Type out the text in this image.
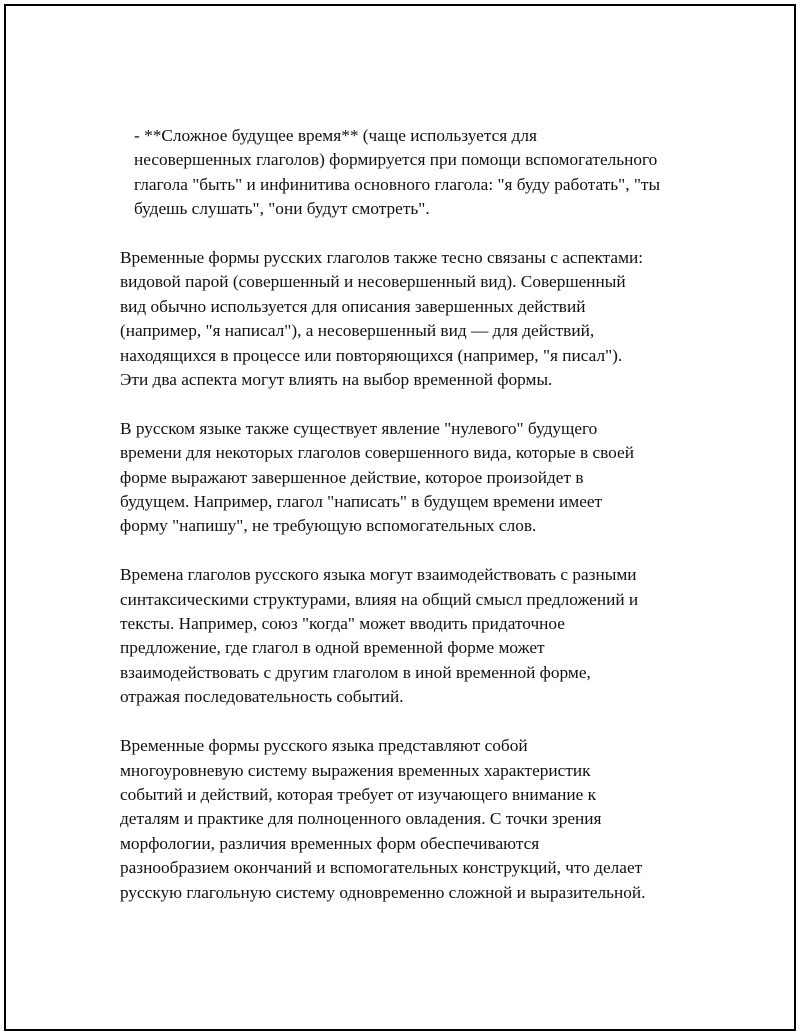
- **Сложное будущее время** (чаще используется для
несовершенных глаголов) формируется при помощи вспомогательного
глагола "быть" и инфинитива основного глагола: "я буду работать", "ты
будешь слушать", "они будут смотреть".

Временные формы русских глаголов также тесно связаны с аспектами:
видовой парой (совершенный и несовершенный вид). Совершенный
вид обычно используется для описания завершенных действий
(например, "я написал"), а несовершенный вид — для действий,
находящихся в процессе или повторяющихся (например, "я писал").
Эти два аспекта могут влиять на выбор временной формы.

В русском языке также существует явление "нулевого" будущего
времени для некоторых глаголов совершенного вида, которые в своей
форме выражают завершенное действие, которое произойдет в
будущем. Например, глагол "написать" в будущем времени имеет
форму "напишу", не требующую вспомогательных слов.

Времена глаголов русского языка могут взаимодействовать с разными
синтаксическими структурами, влияя на общий смысл предложений и
тексты. Например, союз "когда" может вводить придаточное
предложение, где глагол в одной временной форме может
взаимодействовать с другим глаголом в иной временной форме,
отражая последовательность событий.

Временные формы русского языка представляют собой
многоуровневую систему выражения временных характеристик
событий и действий, которая требует от изучающего внимание к
деталям и практике для полноценного овладения. С точки зрения
морфологии, различия временных форм обеспечиваются
разнообразием окончаний и вспомогательных конструкций, что делает
русскую глагольную систему одновременно сложной и выразительной.
